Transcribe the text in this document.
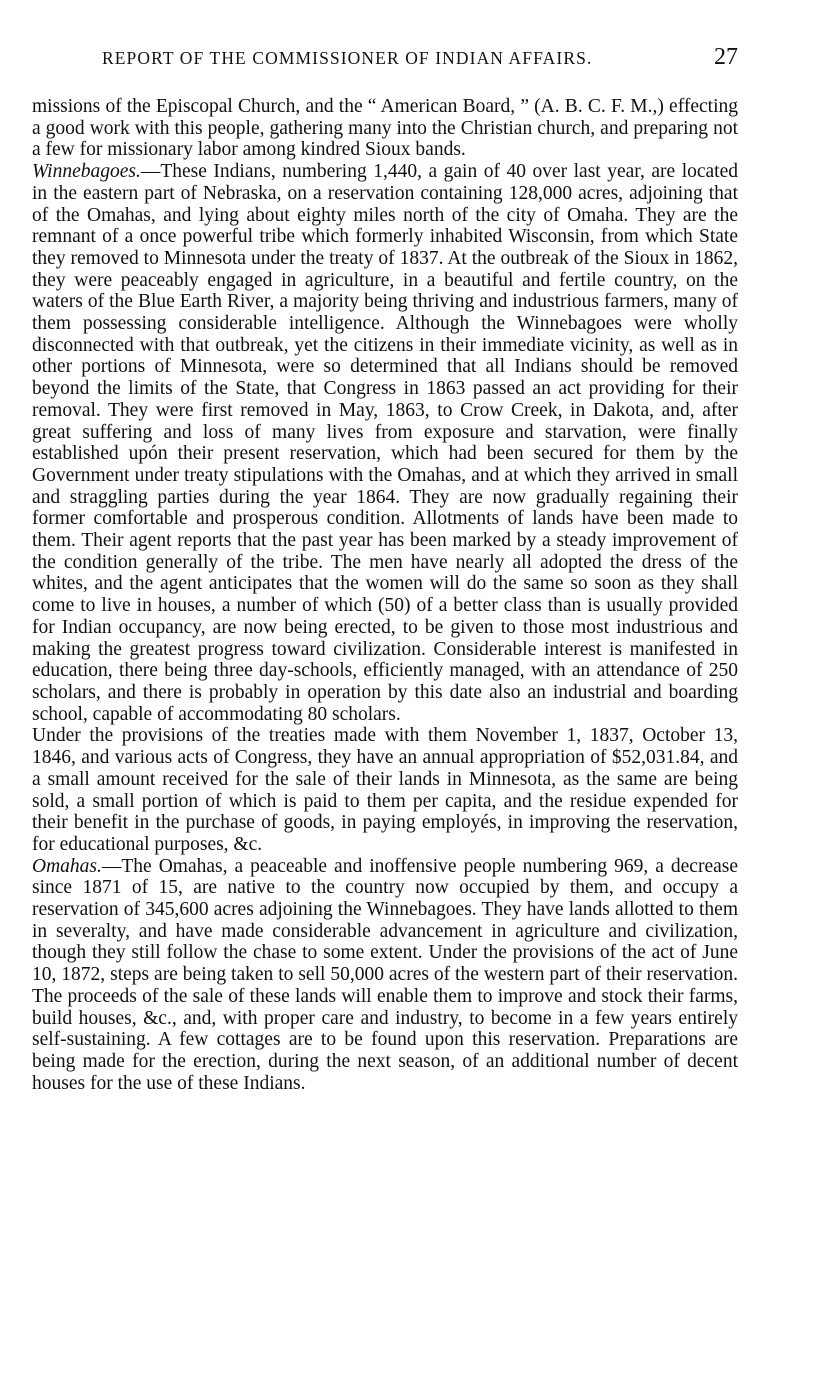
REPORT OF THE COMMISSIONER OF INDIAN AFFAIRS.	27

missions of the Episcopal Church, and the “ American Board, ” (A. B. C. F. M.,) effecting a good work with this people, gathering many into the Christian church, and preparing not a few for missionary labor among kindred Sioux bands.

Winnebagoes.—These Indians, numbering 1,440, a gain of 40 over last year, are located in the eastern part of Nebraska, on a reservation containing 128,000 acres, adjoining that of the Omahas, and lying about eighty miles north of the city of Omaha. They are the remnant of a once powerful tribe which formerly inhabited Wisconsin, from which State they removed to Minnesota under the treaty of 1837. At the outbreak of the Sioux in 1862, they were peaceably engaged in agriculture, in a beautiful and fertile country, on the waters of the Blue Earth River, a majority being thriving and industrious farmers, many of them possessing considerable intelligence. Although the Winnebagoes were wholly disconnected with that outbreak, yet the citizens in their immediate vicinity, as well as in other portions of Minnesota, were so determined that all Indians should be removed beyond the limits of the State, that Congress in 1863 passed an act providing for their removal. They were first removed in May, 1863, to Crow Creek, in Dakota, and, after great suffering and loss of many lives from exposure and starvation, were finally established upón their present reservation, which had been secured for them by the Government under treaty stipulations with the Omahas, and at which they arrived in small and straggling parties during the year 1864. They are now gradually regaining their former comfortable and prosperous condition. Allotments of lands have been made to them. Their agent reports that the past year has been marked by a steady improvement of the condition generally of the tribe. The men have nearly all adopted the dress of the whites, and the agent anticipates that the women will do the same so soon as they shall come to live in houses, a number of which (50) of a better class than is usually provided for Indian occupancy, are now being erected, to be given to those most industrious and making the greatest progress toward civilization. Considerable interest is manifested in education, there being three day-schools, efficiently managed, with an attendance of 250 scholars, and there is probably in operation by this date also an industrial and boarding school, capable of accommodating 80 scholars.

Under the provisions of the treaties made with them November 1, 1837, October 13, 1846, and various acts of Congress, they have an annual appropriation of $52,031.84, and a small amount received for the sale of their lands in Minnesota, as the same are being sold, a small portion of which is paid to them per capita, and the residue expended for their benefit in the purchase of goods, in paying employés, in improving the reservation, for educational purposes, &c.

Omahas.—The Omahas, a peaceable and inoffensive people numbering 969, a decrease since 1871 of 15, are native to the country now occupied by them, and occupy a reservation of 345,600 acres adjoining the Winnebagoes. They have lands allotted to them in severalty, and have made considerable advancement in agriculture and civilization, though they still follow the chase to some extent. Under the provisions of the act of June 10, 1872, steps are being taken to sell 50,000 acres of the western part of their reservation. The proceeds of the sale of these lands will enable them to improve and stock their farms, build houses, &c., and, with proper care and industry, to become in a few years entirely self-sustaining. A few cottages are to be found upon this reservation. Preparations are being made for the erection, during the next season, of an additional number of decent houses for the use of these Indians.
